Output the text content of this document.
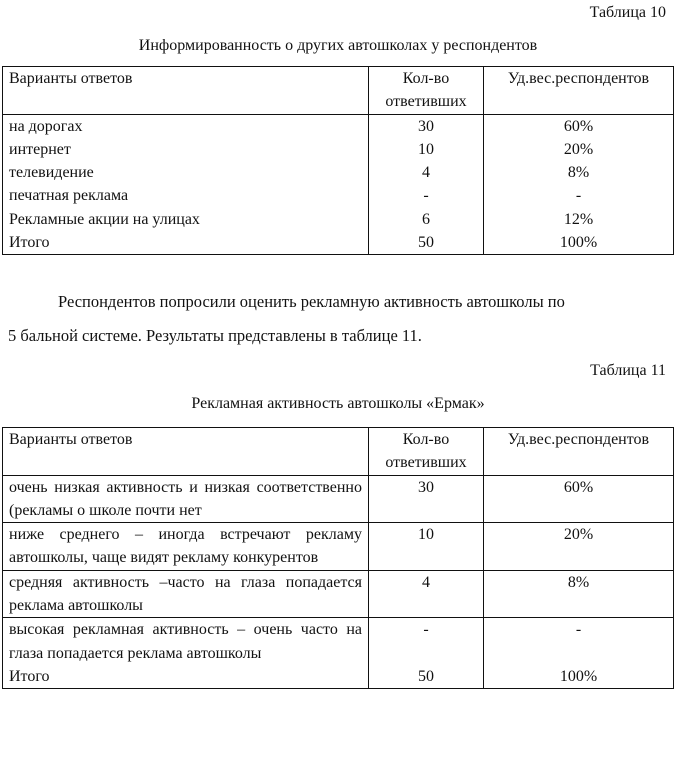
Таблица 10
Информированность о других автошколах у респондентов
Варианты ответов	Кол-во ответивших	Уд.вес.респондентов
на дорогах	30	60%
интернет	10	20%
телевидение	4	8%
печатная реклама	-	-
Рекламные акции на улицах	6	12%
Итого	50	100%
Респондентов попросили оценить рекламную активность автошколы по
5 бальной системе. Результаты представлены в таблице 11.
Таблица 11
Рекламная активность автошколы «Ермак»
Варианты ответов	Кол-во ответивших	Уд.вес.респондентов
очень низкая активность и низкая соответственно (рекламы о школе почти нет	30	60%
ниже среднего – иногда встречают рекламу автошколы, чаще видят рекламу конкурентов	10	20%
средняя активность –часто на глаза попадается реклама автошколы	4	8%
высокая рекламная активность – очень часто на глаза попадается реклама автошколы	-	-
Итого	50	100%
